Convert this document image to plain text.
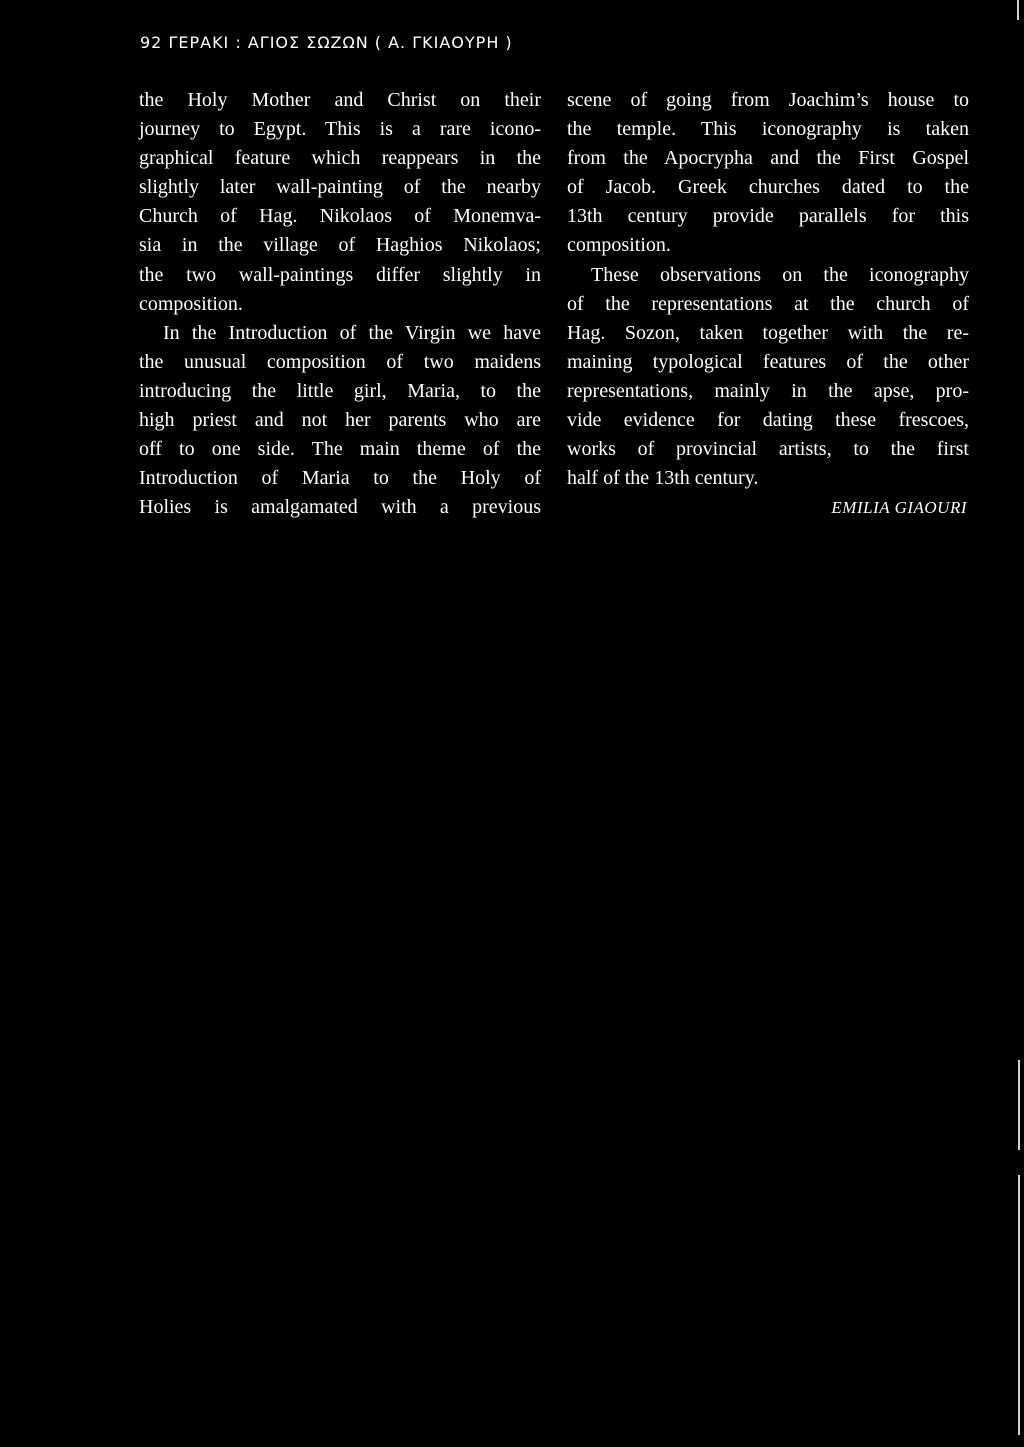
92 ΓΕΡΑΚΙ : ΑΓΙΟΣ ΣΩΖΩΝ ( Α. ΓΚΙΑΟΥΡΗ )
the Holy Mother and Christ on their
journey to Egypt. This is a rare icono-
graphical feature which reappears in the
slightly later wall-painting of the nearby
Church of Hag. Nikolaos of Monemva-
sia in the village of Haghios Nikolaos;
the two wall-paintings differ slightly in
composition.
In the Introduction of the Virgin we have
the unusual composition of two maidens
introducing the little girl, Maria, to the
high priest and not her parents who are
off to one side. The main theme of the
Introduction of Maria to the Holy of
Holies is amalgamated with a previous
scene of going from Joachim’s house to
the temple. This iconography is taken
from the Apocrypha and the First Gospel
of Jacob. Greek churches dated to the
13th century provide parallels for this
composition.
These observations on the iconography
of the representations at the church of
Hag. Sozon, taken together with the re-
maining typological features of the other
representations, mainly in the apse, pro-
vide evidence for dating these frescoes,
works of provincial artists, to the first
half of the 13th century.
EMILIA GIAOURI
